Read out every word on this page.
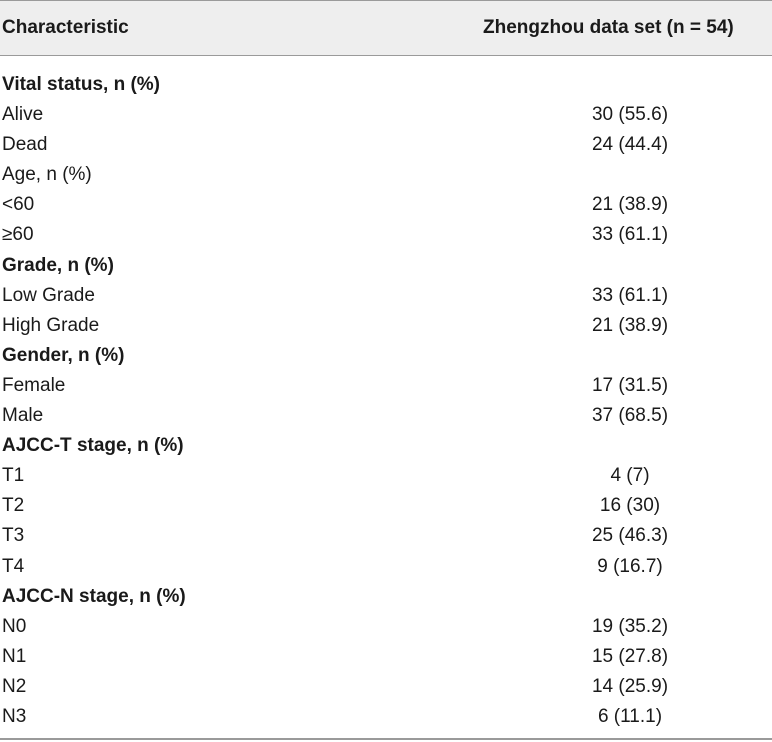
Characteristic	Zhengzhou data set (n = 54)
Vital status, n (%)
Alive	30 (55.6)
Dead	24 (44.4)
Age, n (%)
<60	21 (38.9)
≥60	33 (61.1)
Grade, n (%)
Low Grade	33 (61.1)
High Grade	21 (38.9)
Gender, n (%)
Female	17 (31.5)
Male	37 (68.5)
AJCC-T stage, n (%)
T1	4 (7)
T2	16 (30)
T3	25 (46.3)
T4	9 (16.7)
AJCC-N stage, n (%)
N0	19 (35.2)
N1	15 (27.8)
N2	14 (25.9)
N3	6 (11.1)
